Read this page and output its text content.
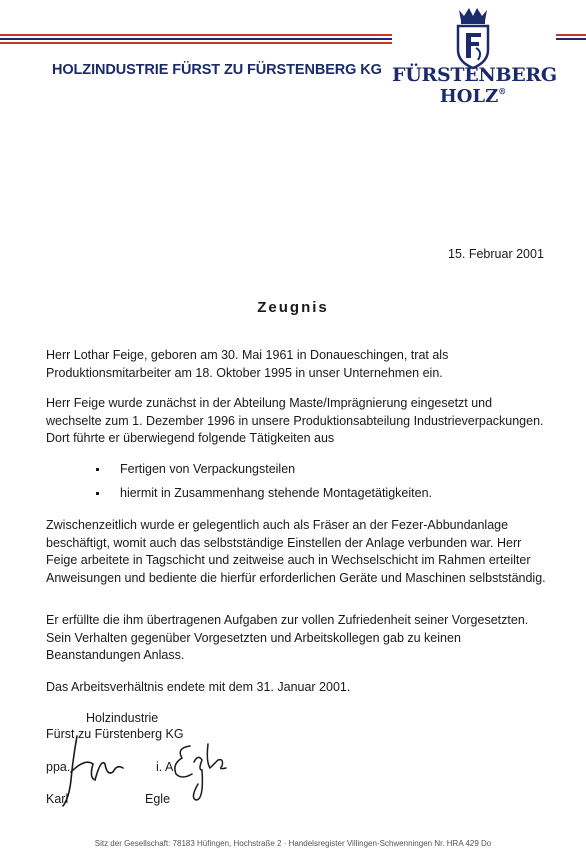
HOLZINDUSTRIE FÜRST ZU FÜRSTENBERG KG FÜRSTENBERG
HOLZ®
15. Februar 2001
Zeugnis

Herr Lothar Feige, geboren am 30. Mai 1961 in Donaueschingen, trat als Produktionsmitarbeiter am 18. Oktober 1995 in unser Unternehmen ein.

Herr Feige wurde zunächst in der Abteilung Maste/Imprägnierung eingesetzt und wechselte zum 1. Dezember 1996 in unsere Produktionsabteilung Industrieverpackungen. Dort führte er überwiegend folgende Tätigkeiten aus

Fertigen von Verpackungsteilen
hiermit in Zusammenhang stehende Montagetätigkeiten.

Zwischenzeitlich wurde er gelegentlich auch als Fräser an der Fezer-Abbundanlage beschäftigt, womit auch das selbstständige Einstellen der Anlage verbunden war. Herr Feige arbeitete in Tagschicht und zeitweise auch in Wechselschicht im Rahmen erteilter Anweisungen und bediente die hierfür erforderlichen Geräte und Maschinen selbstständig.

Er erfüllte die ihm übertragenen Aufgaben zur vollen Zufriedenheit seiner Vorgesetzten. Sein Verhalten gegenüber Vorgesetzten und Arbeitskollegen gab zu keinen Beanstandungen Anlass.

Das Arbeitsverhältnis endete mit dem 31. Januar 2001.

Holzindustrie
Fürst zu Fürstenberg KG
ppa.	i. A.
Karl	Egle
Sitz der Gesellschaft: 78183 Hüfingen, Hochstraße 2 · Handelsregister Villingen-Schwenningen Nr. HRA 429 Do
